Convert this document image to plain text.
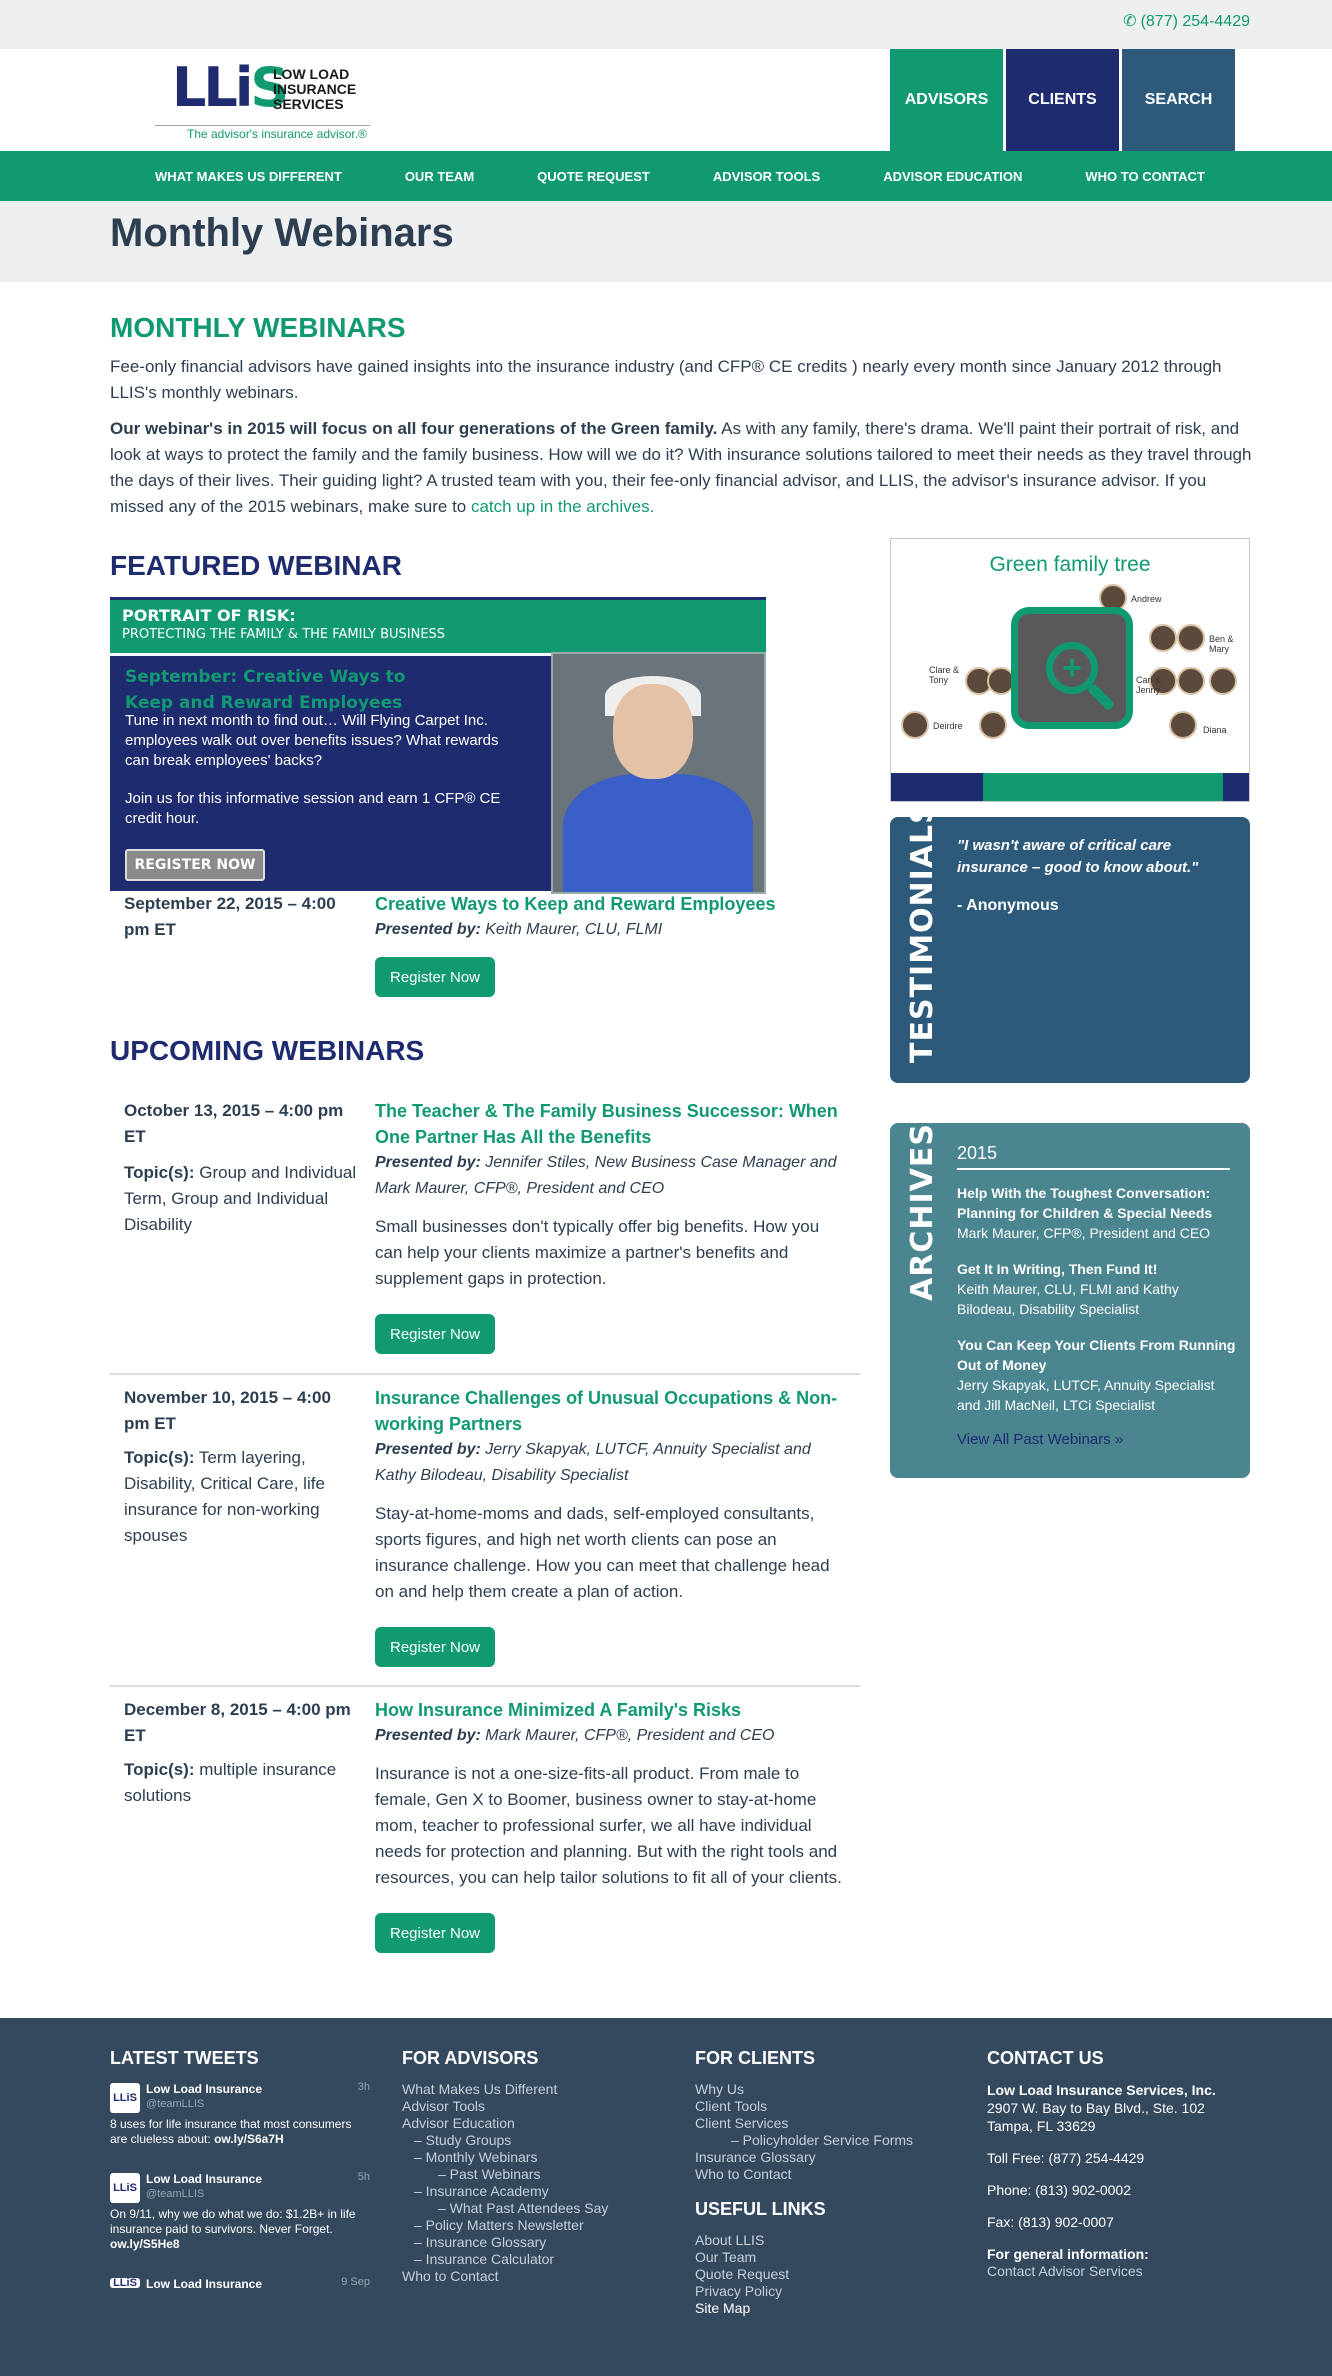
✆ (877) 254-4429
LLiS
LOW LOAD
INSURANCE
SERVICES
The advisor's insurance advisor.®
ADVISORS	CLIENTS	SEARCH
WHAT MAKES US DIFFERENT	OUR TEAM	QUOTE REQUEST	ADVISOR TOOLS	ADVISOR EDUCATION	WHO TO CONTACT
Monthly Webinars
MONTHLY WEBINARS

Fee-only financial advisors have gained insights into the insurance industry (and CFP® CE credits ) nearly every month since January 2012 through LLIS's monthly webinars.

Our webinar's in 2015 will focus on all four generations of the Green family. As with any family, there's drama. We'll paint their portrait of risk, and look at ways to protect the family and the family business. How will we do it? With insurance solutions tailored to meet their needs as they travel through the days of their lives. Their guiding light? A trusted team with you, their fee-only financial advisor, and LLIS, the advisor's insurance advisor. If you missed any of the 2015 webinars, make sure to catch up in the archives.

FEATURED WEBINAR
PORTRAIT OF RISK:
PROTECTING THE FAMILY & THE FAMILY BUSINESS
September: Creative Ways to Keep and Reward Employees
Tune in next month to find out… Will Flying Carpet Inc. employees walk out over benefits issues? What rewards can break employees' backs?
Join us for this informative session and earn 1 CFP® CE credit hour.
REGISTER NOW
September 22, 2015 – 4:00 pm ET
Creative Ways to Keep and Reward Employees
Presented by: Keith Maurer, CLU, FLMI
Register Now
UPCOMING WEBINARS
October 13, 2015 – 4:00 pm ET
Topic(s): Group and Individual Term, Group and Individual Disability
The Teacher & The Family Business Successor: When One Partner Has All the Benefits
Presented by: Jennifer Stiles, New Business Case Manager and Mark Maurer, CFP®, President and CEO
Small businesses don't typically offer big benefits. How you can help your clients maximize a partner's benefits and supplement gaps in protection.
Register Now
November 10, 2015 – 4:00 pm ET
Topic(s): Term layering, Disability, Critical Care, life insurance for non-working spouses
Insurance Challenges of Unusual Occupations & Non-working Partners
Presented by: Jerry Skapyak, LUTCF, Annuity Specialist and Kathy Bilodeau, Disability Specialist
Stay-at-home-moms and dads, self-employed consultants, sports figures, and high net worth clients can pose an insurance challenge. How you can meet that challenge head on and help them create a plan of action.
Register Now
December 8, 2015 – 4:00 pm ET
Topic(s): multiple insurance solutions
How Insurance Minimized A Family's Risks
Presented by: Mark Maurer, CFP®, President and CEO
Insurance is not a one-size-fits-all product. From male to female, Gen X to Boomer, business owner to stay-at-home mom, teacher to professional surfer, we all have individual needs for protection and planning. But with the right tools and resources, you can help tailor solutions to fit all of your clients.
Register Now
Green family tree
Andrew
Ben & Mary
Clare & Tony	Carl & Jenny
Deirdre	Diana
+
TESTIMONIALS "I wasn't aware of critical care insurance – good to know about."
- Anonymous
ARCHIVES 2015
Help With the Toughest Conversation: Planning for Children & Special Needs
Mark Maurer, CFP®, President and CEO
Get It In Writing, Then Fund It!
Keith Maurer, CLU, FLMI and Kathy Bilodeau, Disability Specialist
You Can Keep Your Clients From Running Out of Money
Jerry Skapyak, LUTCF, Annuity Specialist and Jill MacNeil, LTCi Specialist
View All Past Webinars »
LATEST TWEETS
LLiS
Low Load Insurance
@teamLLIS
3h
8 uses for life insurance that most consumers are clueless about: ow.ly/S6a7H
LLiS
Low Load Insurance
@teamLLIS
5h
On 9/11, why we do what we do: $1.2B+ in life insurance paid to survivors. Never Forget. ow.ly/S5He8
LLiS Low Load Insurance	9 Sep
FOR ADVISORS
What Makes Us Different
Advisor Tools
Advisor Education
– Study Groups
– Monthly Webinars
– Past Webinars
– Insurance Academy
– What Past Attendees Say
– Policy Matters Newsletter
– Insurance Glossary
– Insurance Calculator
Who to Contact
FOR CLIENTS
Why Us
Client Tools
Client Services
– Policyholder Service Forms
Insurance Glossary
Who to Contact
USEFUL LINKS
About LLIS
Our Team
Quote Request
Privacy Policy
Site Map
CONTACT US
Low Load Insurance Services, Inc.
2907 W. Bay to Bay Blvd., Ste. 102
Tampa, FL 33629
Toll Free: (877) 254-4429
Phone: (813) 902-0002
Fax: (813) 902-0007
For general information:
Contact Advisor Services
